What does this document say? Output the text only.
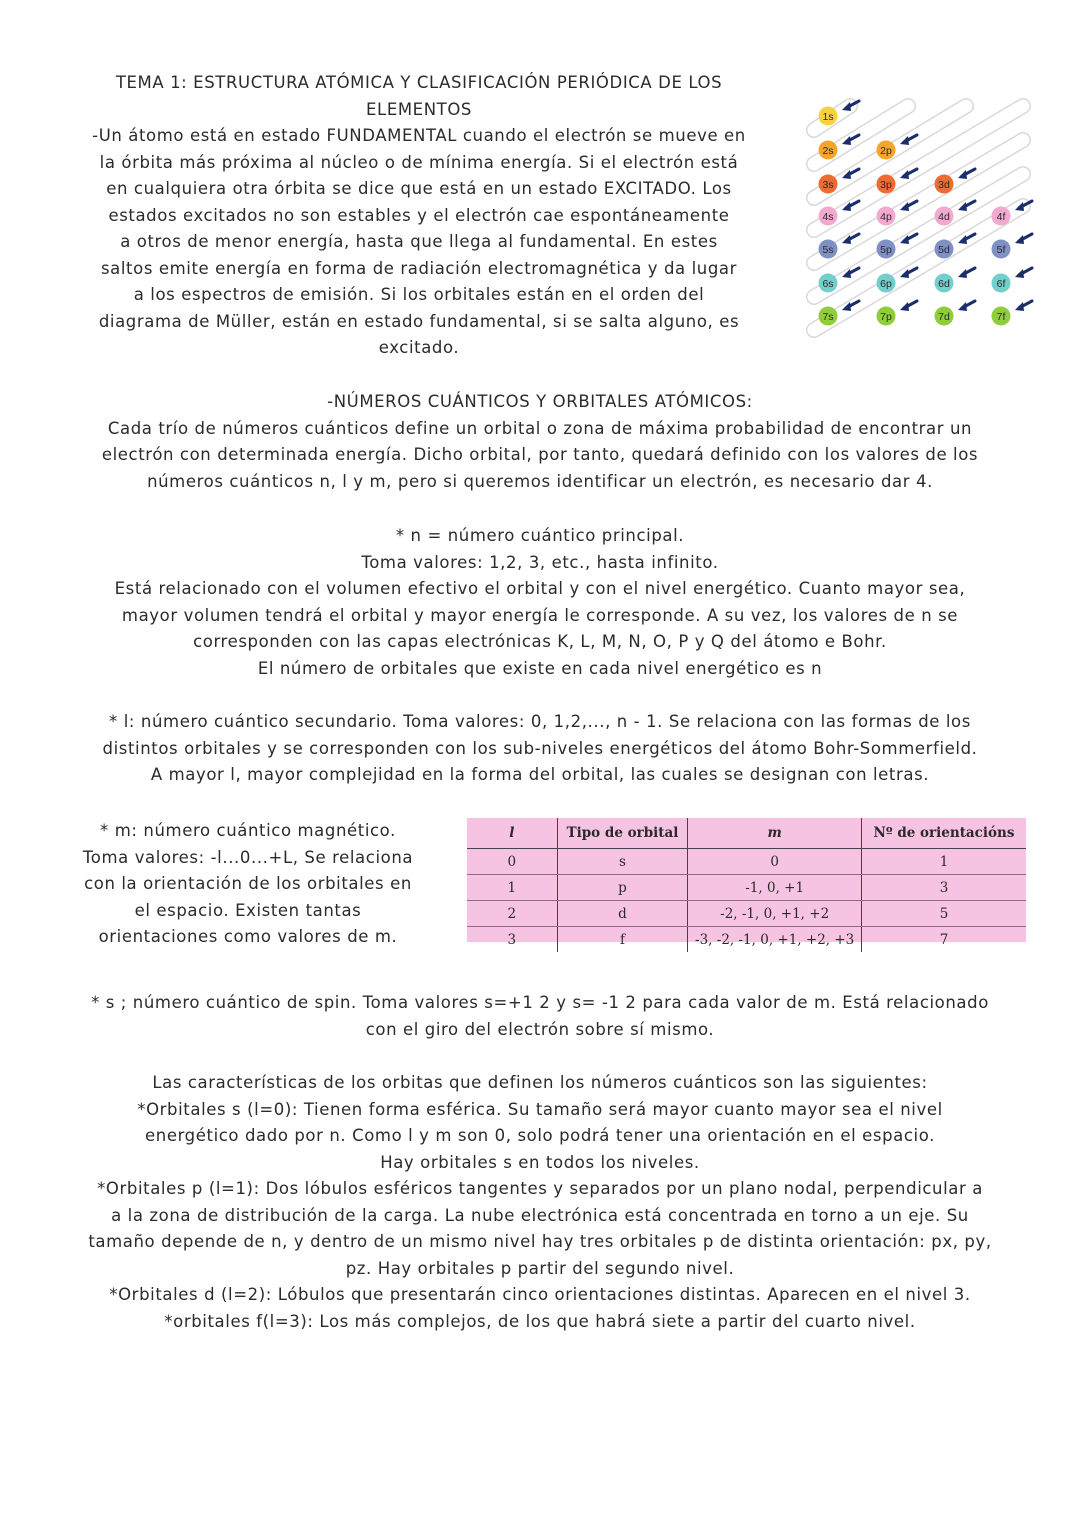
TEMA 1: ESTRUCTURA ATÓMICA Y CLASIFICACIÓN PERIÓDICA DE LOS

ELEMENTOS

-Un átomo está en estado FUNDAMENTAL cuando el electrón se mueve en

la órbita más próxima al núcleo o de mínima energía. Si el electrón está

en cualquiera otra órbita se dice que está en un estado EXCITADO. Los

estados excitados no son estables y el electrón cae espontáneamente

a otros de menor energía, hasta que llega al fundamental. En estes

saltos emite energía en forma de radiación electromagnética y da lugar

a los espectros de emisión. Si los orbitales están en el orden del

diagrama de Müller, están en estado fundamental, si se salta alguno, es

excitado.

1s
2s	2p
3s	3p	3d
4s	4p	4d	4f
5s	5p	5d	5f
6s	6p	6d	6f
7s	7p	7d	7f

-NÚMEROS CUÁNTICOS Y ORBITALES ATÓMICOS:

Cada trío de números cuánticos define un orbital o zona de máxima probabilidad de encontrar un

electrón con determinada energía. Dicho orbital, por tanto, quedará definido con los valores de los

números cuánticos n, l y m, pero si queremos identificar un electrón, es necesario dar 4.

* n = número cuántico principal.

Toma valores: 1,2, 3, etc., hasta infinito.

Está relacionado con el volumen efectivo el orbital y con el nivel energético. Cuanto mayor sea,

mayor volumen tendrá el orbital y mayor energía le corresponde. A su vez, los valores de n se

corresponden con las capas electrónicas K, L, M, N, O, P y Q del átomo e Bohr.

El número de orbitales que existe en cada nivel energético es n

* l: número cuántico secundario. Toma valores: 0, 1,2,..., n - 1. Se relaciona con las formas de los

distintos orbitales y se corresponden con los sub-niveles energéticos del átomo Bohr-Sommerfield.

A mayor l, mayor complejidad en la forma del orbital, las cuales se designan con letras.

* m: número cuántico magnético.

Toma valores: -l...0...+L, Se relaciona

con la orientación de los orbitales en

el espacio. Existen tantas

orientaciones como valores de m.

l	Tipo de orbital	m	Nº de orientacións
0	s	0	1
1	p	-1, 0, +1	3
2	d	-2, -1, 0, +1, +2	5
3	f	-3, -2, -1, 0, +1, +2, +3	7

* s ; número cuántico de spin. Toma valores s=+1 2 y s= -1 2 para cada valor de m. Está relacionado

con el giro del electrón sobre sí mismo.

Las características de los orbitas que definen los números cuánticos son las siguientes:

*Orbitales s (l=0): Tienen forma esférica. Su tamaño será mayor cuanto mayor sea el nivel

energético dado por n. Como l y m son 0, solo podrá tener una orientación en el espacio.

Hay orbitales s en todos los niveles.

*Orbitales p (l=1): Dos lóbulos esféricos tangentes y separados por un plano nodal, perpendicular a

a la zona de distribución de la carga. La nube electrónica está concentrada en torno a un eje. Su

tamaño depende de n, y dentro de un mismo nivel hay tres orbitales p de distinta orientación: px, py,

pz. Hay orbitales p partir del segundo nivel.

*Orbitales d (l=2): Lóbulos que presentarán cinco orientaciones distintas. Aparecen en el nivel 3.

*orbitales f(l=3): Los más complejos, de los que habrá siete a partir del cuarto nivel.
